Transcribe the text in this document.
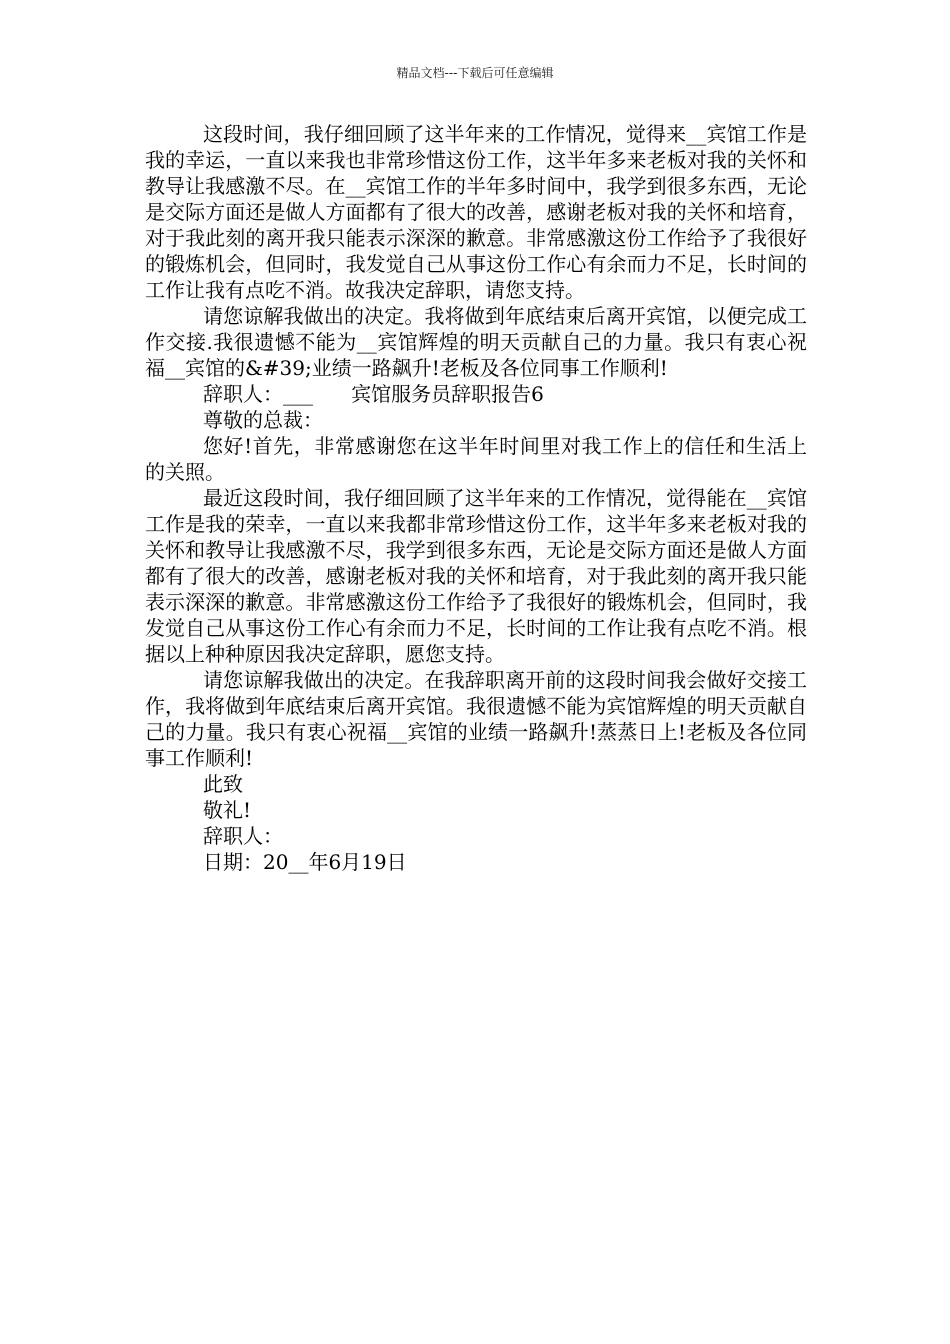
精品文档---下载后可任意编辑

这段时间，我仔细回顾了这半年来的工作情况，觉得来__宾馆工作是我的幸运，一直以来我也非常珍惜这份工作，这半年多来老板对我的关怀和教导让我感激不尽。在__宾馆工作的半年多时间中，我学到很多东西，无论是交际方面还是做人方面都有了很大的改善，感谢老板对我的关怀和培育，对于我此刻的离开我只能表示深深的歉意。非常感激这份工作给予了我很好的锻炼机会，但同时，我发觉自己从事这份工作心有余而力不足，长时间的工作让我有点吃不消。故我决定辞职，请您支持。

请您谅解我做出的决定。我将做到年底结束后离开宾馆，以便完成工作交接.我很遗憾不能为__宾馆辉煌的明天贡献自己的力量。我只有衷心祝福__宾馆的&#39;业绩一路飙升!老板及各位同事工作顺利!

辞职人：___      宾馆服务员辞职报告6

尊敬的总裁：

您好!首先，非常感谢您在这半年时间里对我工作上的信任和生活上的关照。

最近这段时间，我仔细回顾了这半年来的工作情况，觉得能在__宾馆工作是我的荣幸，一直以来我都非常珍惜这份工作，这半年多来老板对我的关怀和教导让我感激不尽，我学到很多东西，无论是交际方面还是做人方面都有了很大的改善，感谢老板对我的关怀和培育，对于我此刻的离开我只能表示深深的歉意。非常感激这份工作给予了我很好的锻炼机会，但同时，我发觉自己从事这份工作心有余而力不足，长时间的工作让我有点吃不消。根据以上种种原因我决定辞职，愿您支持。

请您谅解我做出的决定。在我辞职离开前的这段时间我会做好交接工作，我将做到年底结束后离开宾馆。我很遗憾不能为宾馆辉煌的明天贡献自己的力量。我只有衷心祝福__宾馆的业绩一路飙升!蒸蒸日上!老板及各位同事工作顺利!

此致

敬礼!

辞职人：

日期：20__年6月19日
